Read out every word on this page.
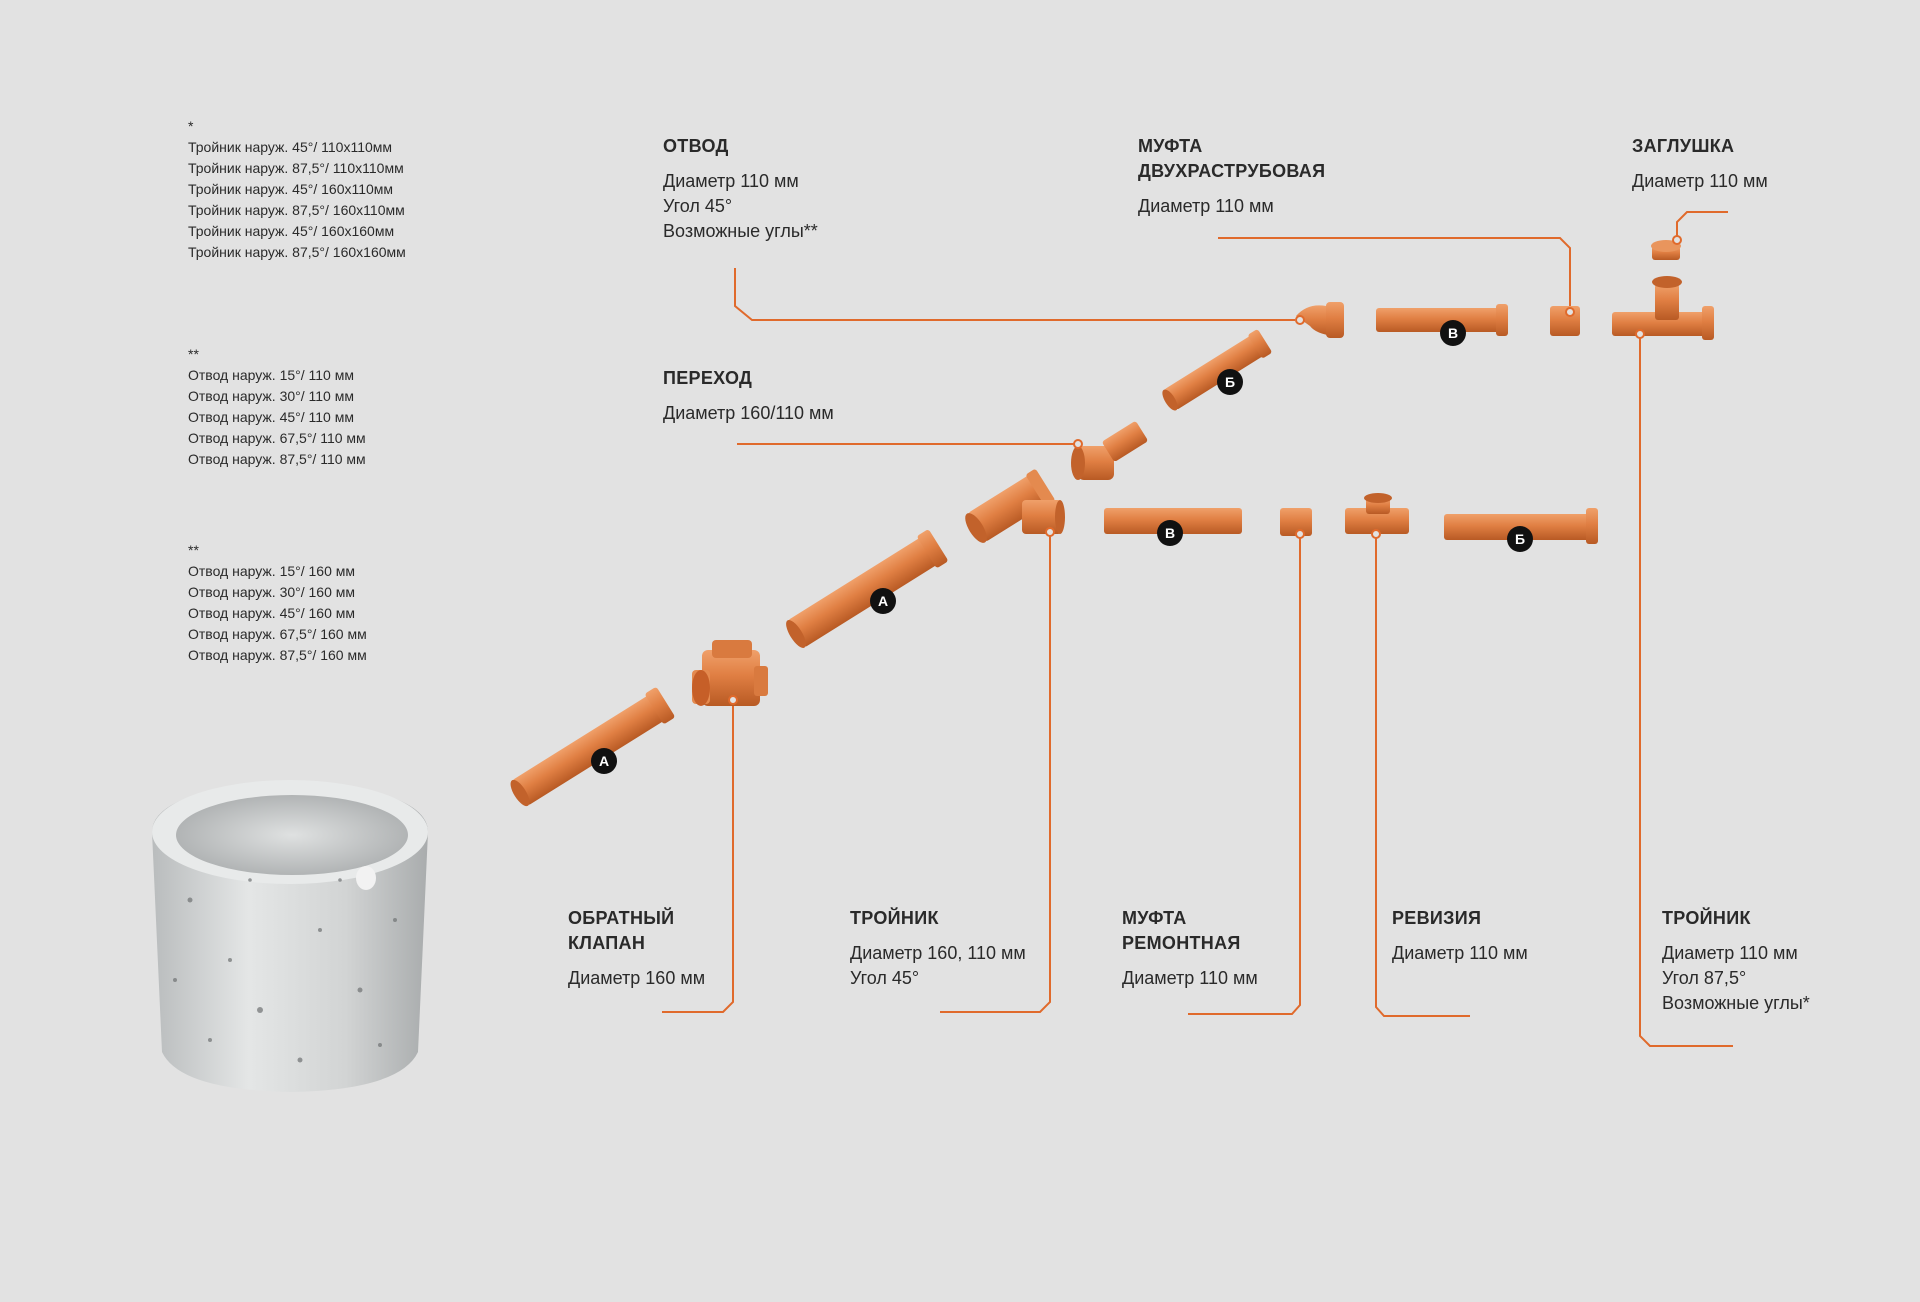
А
А
Б
В
В	Б
*
Тройник наруж. 45°/ 110x110мм
Тройник наруж. 87,5°/ 110x110мм
Тройник наруж. 45°/ 160x110мм
Тройник наруж. 87,5°/ 160x110мм
Тройник наруж. 45°/ 160x160мм
Тройник наруж. 87,5°/ 160x160мм
**
Отвод наруж. 15°/ 110 мм
Отвод наруж. 30°/ 110 мм
Отвод наруж. 45°/ 110 мм
Отвод наруж. 67,5°/ 110 мм
Отвод наруж. 87,5°/ 110 мм
**
Отвод наруж. 15°/ 160 мм
Отвод наруж. 30°/ 160 мм
Отвод наруж. 45°/ 160 мм
Отвод наруж. 67,5°/ 160 мм
Отвод наруж. 87,5°/ 160 мм
ОТВОД
Диаметр 110 мм
Угол 45°
Возможные углы**
МУФТА
ДВУХРАСТРУБОВАЯ
Диаметр 110 мм
ЗАГЛУШКА
Диаметр 110 мм
ПЕРЕХОД
Диаметр 160/110 мм
ОБРАТНЫЙ
КЛАПАН
Диаметр 160 мм
ТРОЙНИК
Диаметр 160, 110 мм
Угол 45°
МУФТА
РЕМОНТНАЯ
Диаметр 110 мм
РЕВИЗИЯ
Диаметр 110 мм
ТРОЙНИК
Диаметр 110 мм
Угол 87,5°
Возможные углы*
